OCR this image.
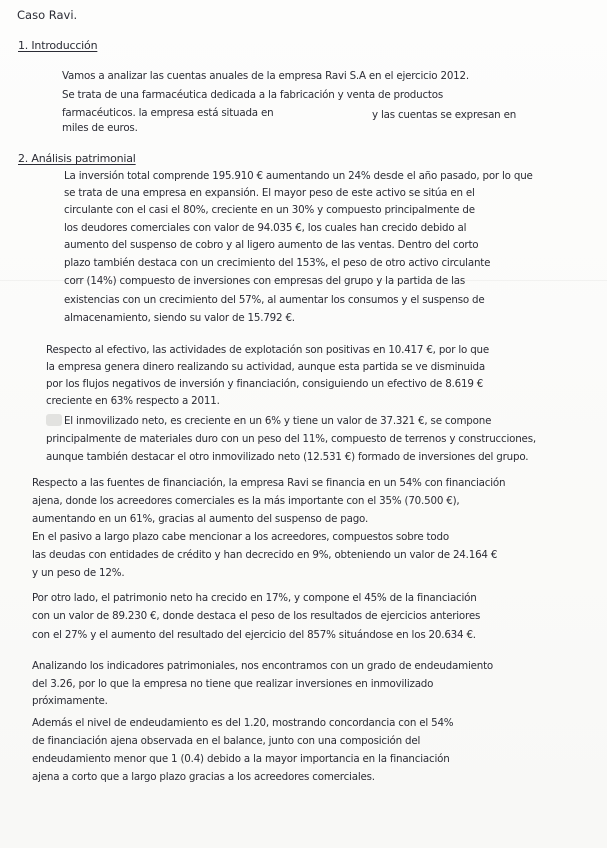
Caso Ravi.
1. Introducción
Vamos a analizar las cuentas anuales de la empresa Ravi S.A en el ejercicio 2012.
Se trata de una farmacéutica dedicada a la fabricación y venta de productos
farmacéuticos. la empresa está situada en	y las cuentas se expresan en
miles de euros.
2. Análisis patrimonial
La inversión total comprende 195.910 € aumentando un 24% desde el año pasado, por lo que
se trata de una empresa en expansión. El mayor peso de este activo se sitúa en el
circulante con el casi el 80%, creciente en un 30% y compuesto principalmente de
los deudores comerciales con valor de 94.035 €, los cuales han crecido debido al
aumento del suspenso de cobro y al ligero aumento de las ventas. Dentro del corto
plazo también destaca con un crecimiento del 153%, el peso de otro activo circulante
corr (14%) compuesto de inversiones con empresas del grupo y la partida de las
existencias con un crecimiento del 57%, al aumentar los consumos y el suspenso de
almacenamiento, siendo su valor de 15.792 €.
Respecto al efectivo, las actividades de explotación son positivas en 10.417 €, por lo que
la empresa genera dinero realizando su actividad, aunque esta partida se ve disminuida
por los flujos negativos de inversión y financiación, consiguiendo un efectivo de 8.619 €
creciente en 63% respecto a 2011.
El inmovilizado neto, es creciente en un 6% y tiene un valor de 37.321 €, se compone
principalmente de materiales duro con un peso del 11%, compuesto de terrenos y construcciones,
aunque también destacar el otro inmovilizado neto (12.531 €) formado de inversiones del grupo.
Respecto a las fuentes de financiación, la empresa Ravi se financia en un 54% con financiación
ajena, donde los acreedores comerciales es la más importante con el 35% (70.500 €),
aumentando en un 61%, gracias al aumento del suspenso de pago.
En el pasivo a largo plazo cabe mencionar a los acreedores, compuestos sobre todo
las deudas con entidades de crédito y han decrecido en 9%, obteniendo un valor de 24.164 €
y un peso de 12%.
Por otro lado, el patrimonio neto ha crecido en 17%, y compone el 45% de la financiación
con un valor de 89.230 €, donde destaca el peso de los resultados de ejercicios anteriores
con el 27% y el aumento del resultado del ejercicio del 857% situándose en los 20.634 €.
Analizando los indicadores patrimoniales, nos encontramos con un grado de endeudamiento
del 3.26, por lo que la empresa no tiene que realizar inversiones en inmovilizado
próximamente.
Además el nivel de endeudamiento es del 1.20, mostrando concordancia con el 54%
de financiación ajena observada en el balance, junto con una composición del
endeudamiento menor que 1 (0.4) debido a la mayor importancia en la financiación
ajena a corto que a largo plazo gracias a los acreedores comerciales.
